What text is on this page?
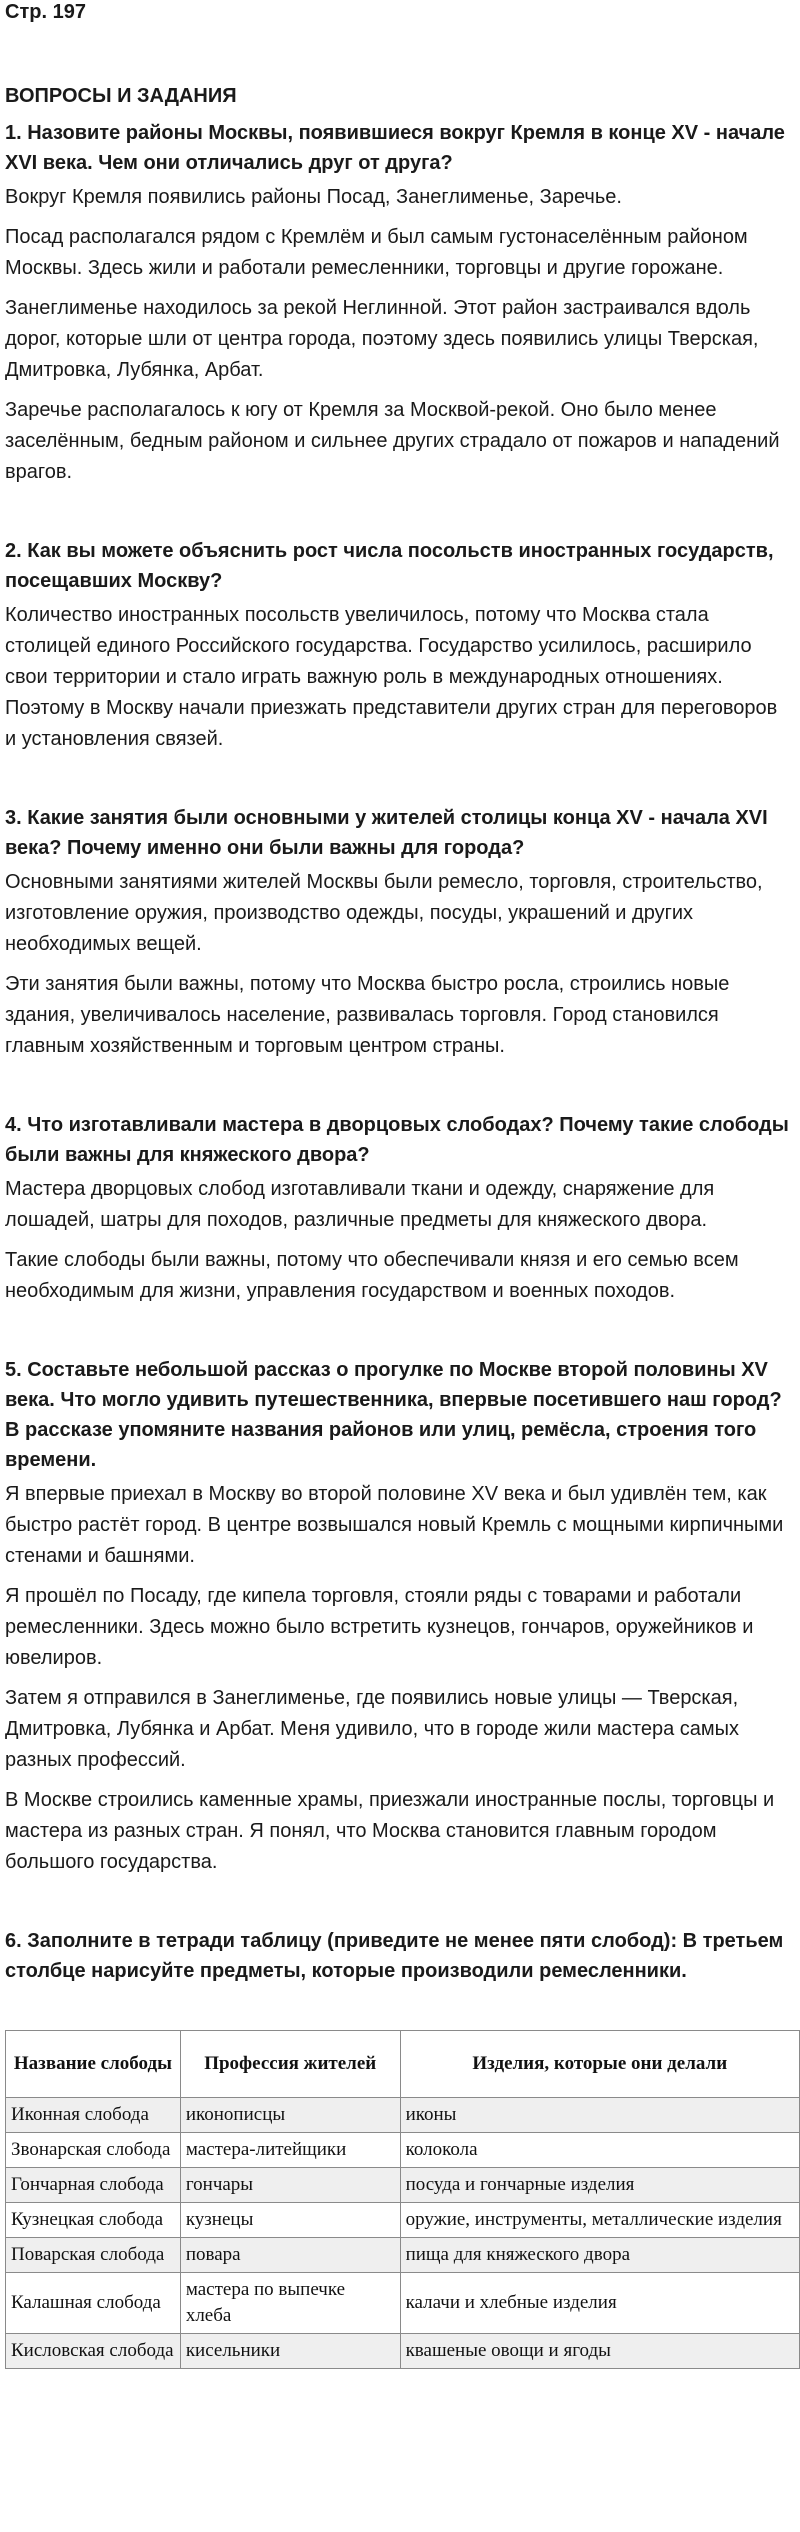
Стр. 197
ВОПРОСЫ И ЗАДАНИЯ
1. Назовите районы Москвы, появившиеся вокруг Кремля в конце XV - начале XVI века. Чем они отличались друг от друга?
Вокруг Кремля появились районы Посад, Занеглименье, Заречье.
Посад располагался рядом с Кремлём и был самым густонаселённым районом Москвы. Здесь жили и работали ремесленники, торговцы и другие горожане.
Занеглименье находилось за рекой Неглинной. Этот район застраивался вдоль дорог, которые шли от центра города, поэтому здесь появились улицы Тверская, Дмитровка, Лубянка, Арбат.
Заречье располагалось к югу от Кремля за Москвой-рекой. Оно было менее заселённым, бедным районом и сильнее других страдало от пожаров и нападений врагов.
2. Как вы можете объяснить рост числа посольств иностранных государств, посещавших Москву?
Количество иностранных посольств увеличилось, потому что Москва стала столицей единого Российского государства. Государство усилилось, расширило свои территории и стало играть важную роль в международных отношениях. Поэтому в Москву начали приезжать представители других стран для переговоров и установления связей.
3. Какие занятия были основными у жителей столицы конца XV - начала XVI века? Почему именно они были важны для города?
Основными занятиями жителей Москвы были ремесло, торговля, строительство, изготовление оружия, производство одежды, посуды, украшений и других необходимых вещей.
Эти занятия были важны, потому что Москва быстро росла, строились новые здания, увеличивалось население, развивалась торговля. Город становился главным хозяйственным и торговым центром страны.
4. Что изготавливали мастера в дворцовых слободах? Почему такие слободы были важны для княжеского двора?
Мастера дворцовых слобод изготавливали ткани и одежду, снаряжение для лошадей, шатры для походов, различные предметы для княжеского двора.
Такие слободы были важны, потому что обеспечивали князя и его семью всем необходимым для жизни, управления государством и военных походов.
5. Составьте небольшой рассказ о прогулке по Москве второй половины XV века. Что могло удивить путешественника, впервые посетившего наш город? В рассказе упомяните названия районов или улиц, ремёсла, строения того времени.
Я впервые приехал в Москву во второй половине XV века и был удивлён тем, как быстро растёт город. В центре возвышался новый Кремль с мощными кирпичными стенами и башнями.
Я прошёл по Посаду, где кипела торговля, стояли ряды с товарами и работали ремесленники. Здесь можно было встретить кузнецов, гончаров, оружейников и ювелиров.
Затем я отправился в Занеглименье, где появились новые улицы — Тверская, Дмитровка, Лубянка и Арбат. Меня удивило, что в городе жили мастера самых разных профессий.
В Москве строились каменные храмы, приезжали иностранные послы, торговцы и мастера из разных стран. Я понял, что Москва становится главным городом большого государства.
6. Заполните в тетради таблицу (приведите не менее пяти слобод): В третьем столбце нарисуйте предметы, которые производили ремесленники.
Название слободы	Профессия жителей	Изделия, которые они делали
Иконная слобода	иконописцы	иконы
Звонарская слобода	мастера-литейщики	колокола
Гончарная слобода	гончары	посуда и гончарные изделия
Кузнецкая слобода	кузнецы	оружие, инструменты, металлические изделия
Поварская слобода	повара	пища для княжеского двора
Калашная слобода	мастера по выпечке хлеба	калачи и хлебные изделия
Кисловская слобода	кисельники	квашеные овощи и ягоды
